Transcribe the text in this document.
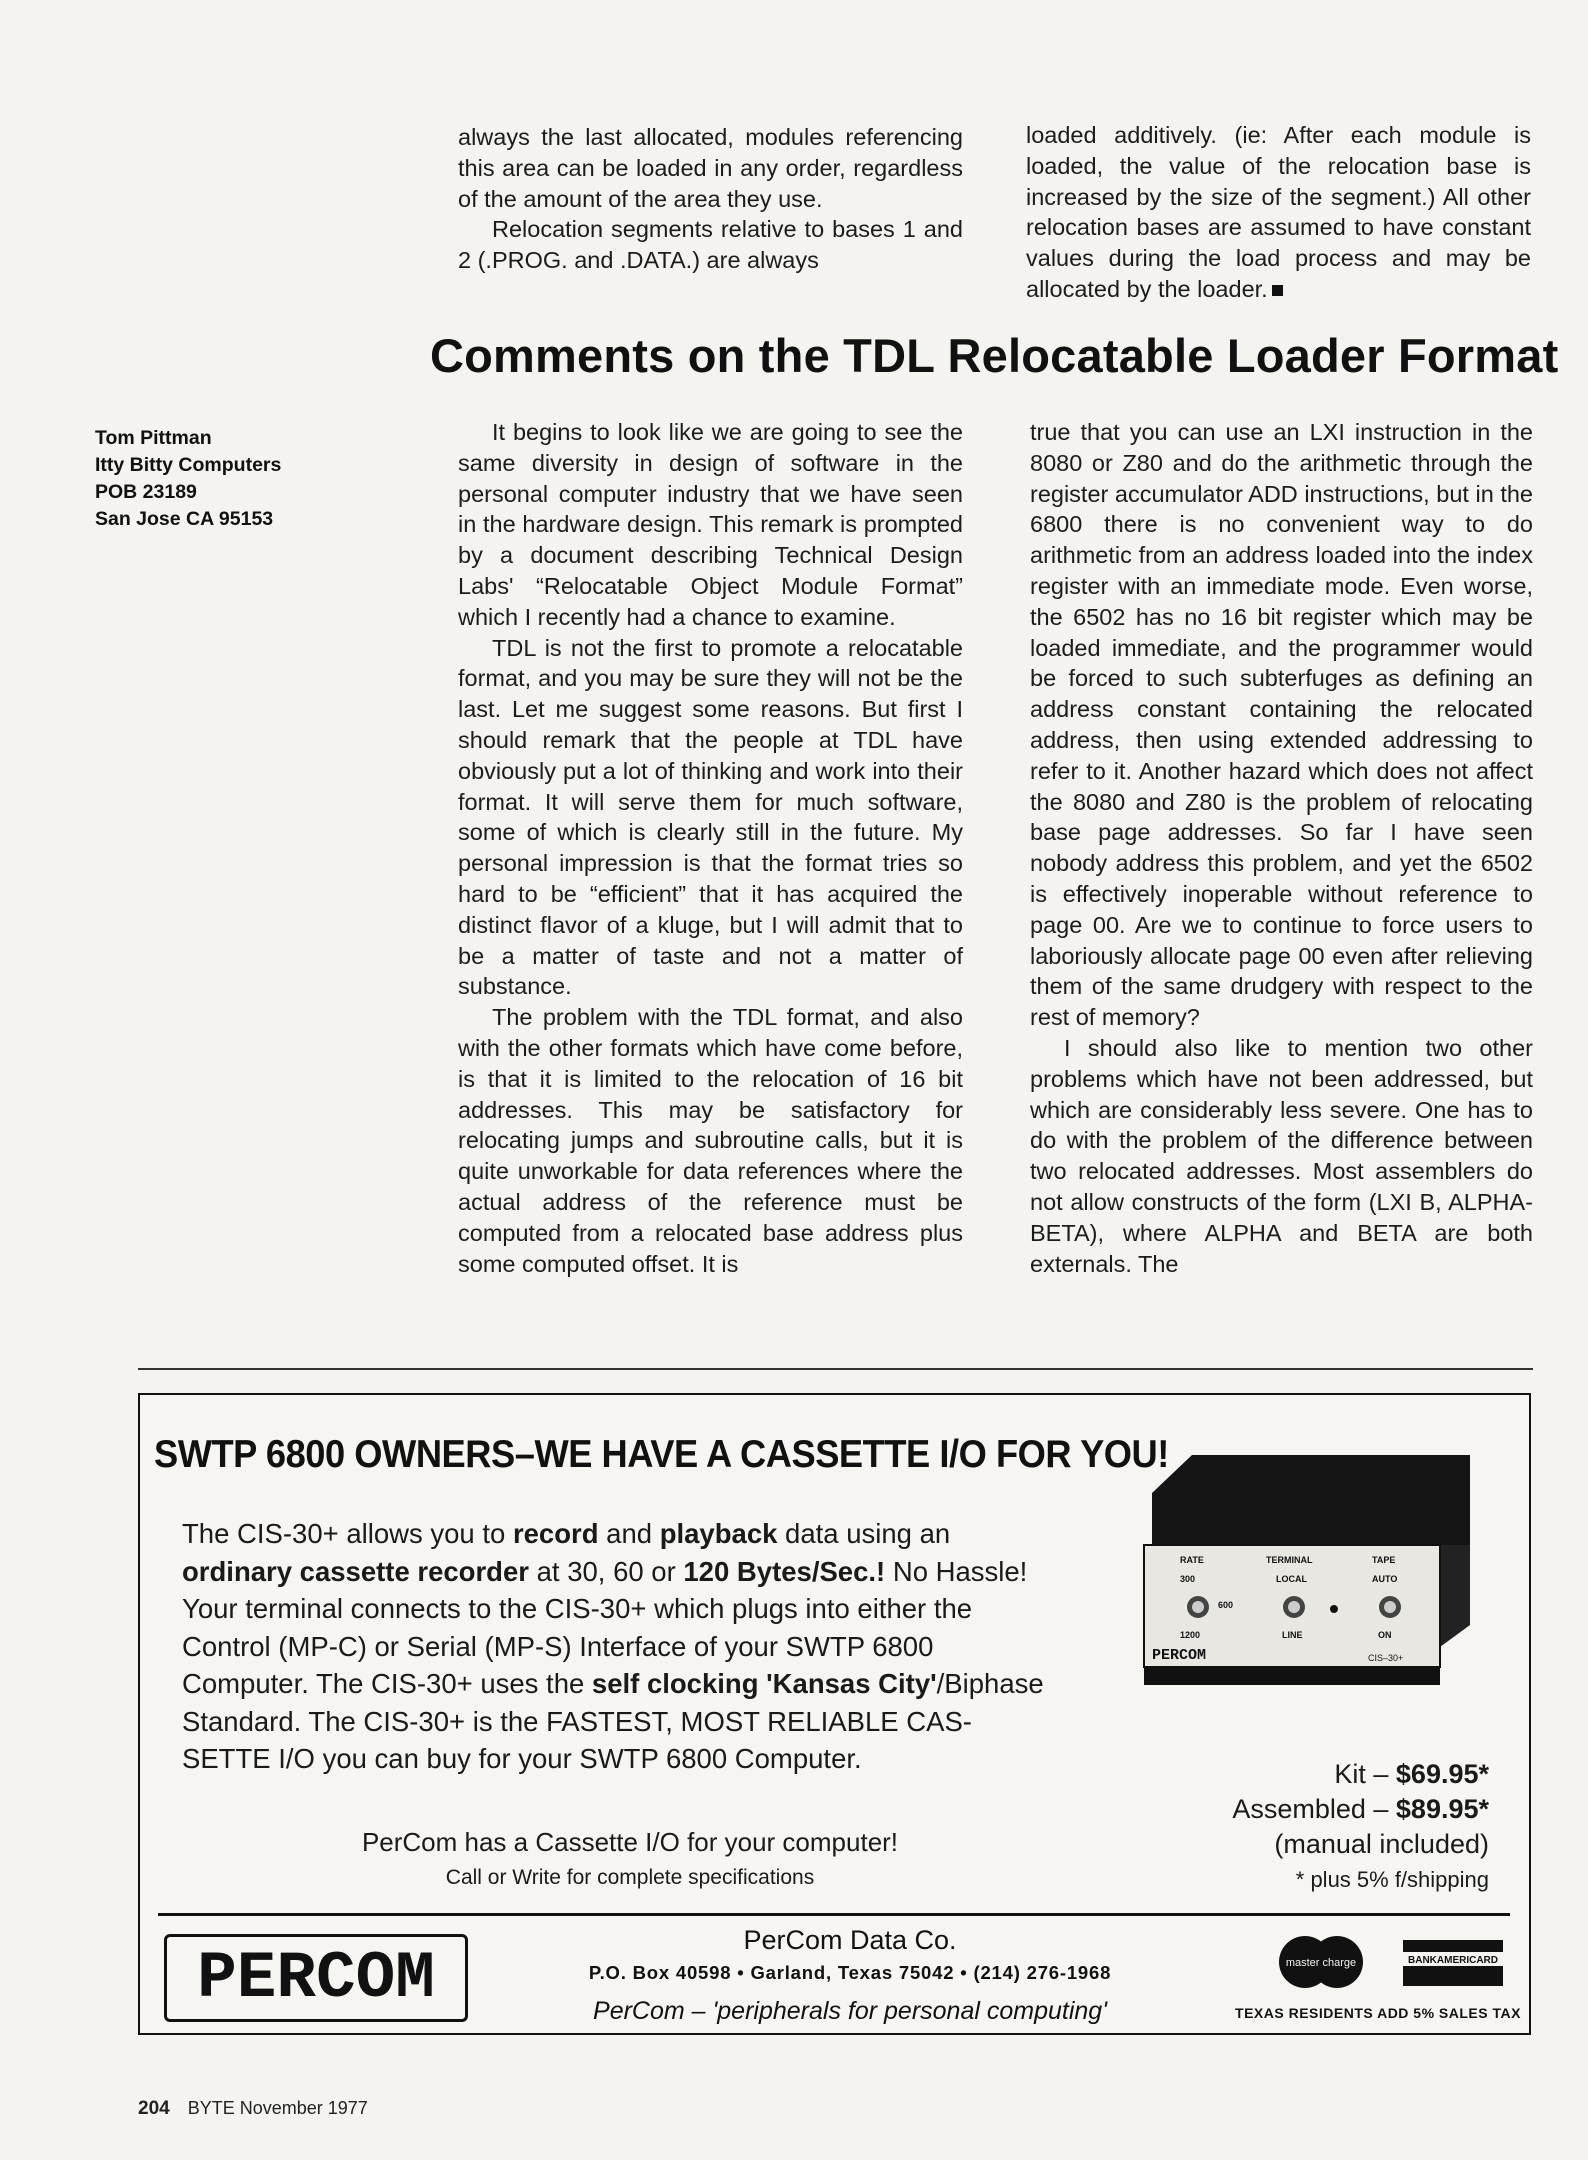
always the last allocated, modules referencing this area can be loaded in any order, regardless of the amount of the area they use.

Relocation segments relative to bases 1 and 2 (.PROG. and .DATA.) are always

loaded additively. (ie: After each module is loaded, the value of the relocation base is increased by the size of the segment.) All other relocation bases are assumed to have constant values during the load process and may be allocated by the loader.

Comments on the TDL Relocatable Loader Format
Tom Pittman
Itty Bitty Computers
POB 23189
San Jose CA 95153

It begins to look like we are going to see the same diversity in design of software in the personal computer industry that we have seen in the hardware design. This remark is prompted by a document describing Technical Design Labs' “Relocatable Object Module Format” which I recently had a chance to examine.

TDL is not the first to promote a relocatable format, and you may be sure they will not be the last. Let me suggest some reasons. But first I should remark that the people at TDL have obviously put a lot of thinking and work into their format. It will serve them for much software, some of which is clearly still in the future. My personal impression is that the format tries so hard to be “efficient” that it has acquired the distinct flavor of a kluge, but I will admit that to be a matter of taste and not a matter of substance.

The problem with the TDL format, and also with the other formats which have come before, is that it is limited to the relocation of 16 bit addresses. This may be satisfactory for relocating jumps and subroutine calls, but it is quite unworkable for data references where the actual address of the reference must be computed from a relocated base address plus some computed offset. It is

true that you can use an LXI instruction in the 8080 or Z80 and do the arithmetic through the register accumulator ADD instructions, but in the 6800 there is no convenient way to do arithmetic from an address loaded into the index register with an immediate mode. Even worse, the 6502 has no 16 bit register which may be loaded immediate, and the programmer would be forced to such subterfuges as defining an address constant containing the relocated address, then using extended addressing to refer to it. Another hazard which does not affect the 8080 and Z80 is the problem of relocating base page addresses. So far I have seen nobody address this problem, and yet the 6502 is effectively inoperable without reference to page 00. Are we to continue to force users to laboriously allocate page 00 even after relieving them of the same drudgery with respect to the rest of memory?

I should also like to mention two other problems which have not been addressed, but which are considerably less severe. One has to do with the problem of the difference between two relocated addresses. Most assemblers do not allow constructs of the form (LXI B, ALPHA-BETA), where ALPHA and BETA are both externals. The

SWTP 6800 OWNERS–WE HAVE A CASSETTE I/O FOR YOU!
The CIS-30+ allows you to record and playback data using an
ordinary cassette recorder at 30, 60 or 120 Bytes/Sec.! No Hassle!
Your terminal connects to the CIS-30+ which plugs into either the
Control (MP-C) or Serial (MP-S) Interface of your SWTP 6800
Computer. The CIS-30+ uses the self clocking 'Kansas City'/Biphase
Standard. The CIS-30+ is the FASTEST, MOST RELIABLE CAS-
SETTE I/O you can buy for your SWTP 6800 Computer.
RATE
300
600
1200
TERMINAL
LOCAL
LINE
TAPE
AUTO
ON
CIS–30+
PERCOM
Kit – $69.95*
Assembled – $89.95*
(manual included)
* plus 5% f/shipping
PerCom has a Cassette I/O for your computer!
Call or Write for complete specifications
PERCOM
PerCom Data Co.
P.O. Box 40598 • Garland, Texas 75042 • (214) 276-1968
PerCom – 'peripherals for personal computing'
master charge	BANKAMERICARD
TEXAS RESIDENTS ADD 5% SALES TAX
204 BYTE November 1977
